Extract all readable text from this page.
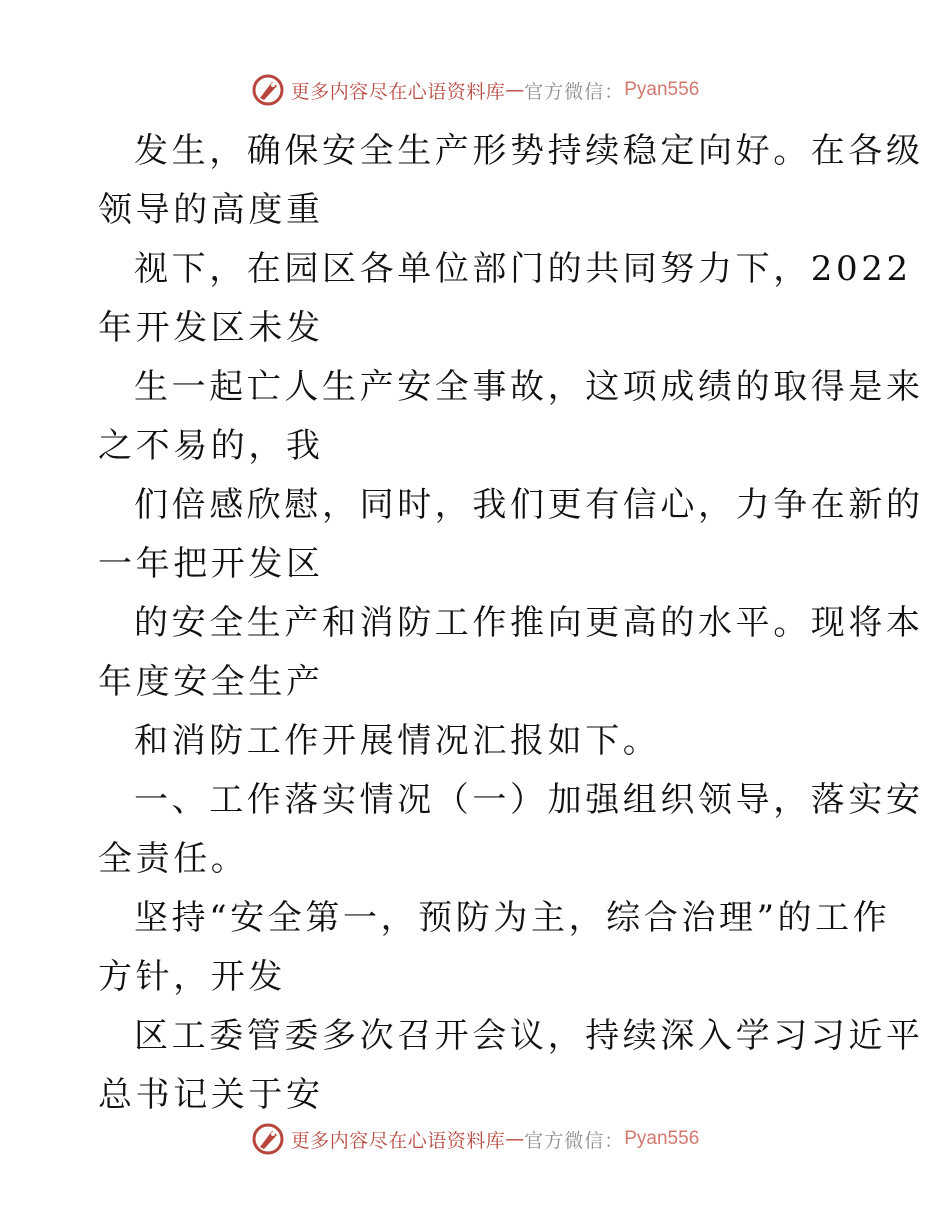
更多内容尽在心语资料库 — 官方微信： Pyan556

发生，确保安全生产形势持续稳定向好。在各级
领导的高度重

视下，在园区各单位部门的共同努力下，2022
年开发区未发

生一起亡人生产安全事故，这项成绩的取得是来
之不易的，我

们倍感欣慰，同时，我们更有信心，力争在新的
一年把开发区

的安全生产和消防工作推向更高的水平。现将本
年度安全生产

和消防工作开展情况汇报如下。

一、工作落实情况（一）加强组织领导，落实安
全责任。

坚持“安全第一，预防为主，综合治理”的工作
方针，开发

区工委管委多次召开会议，持续深入学习习近平
总书记关于安

更多内容尽在心语资料库 — 官方微信： Pyan556
